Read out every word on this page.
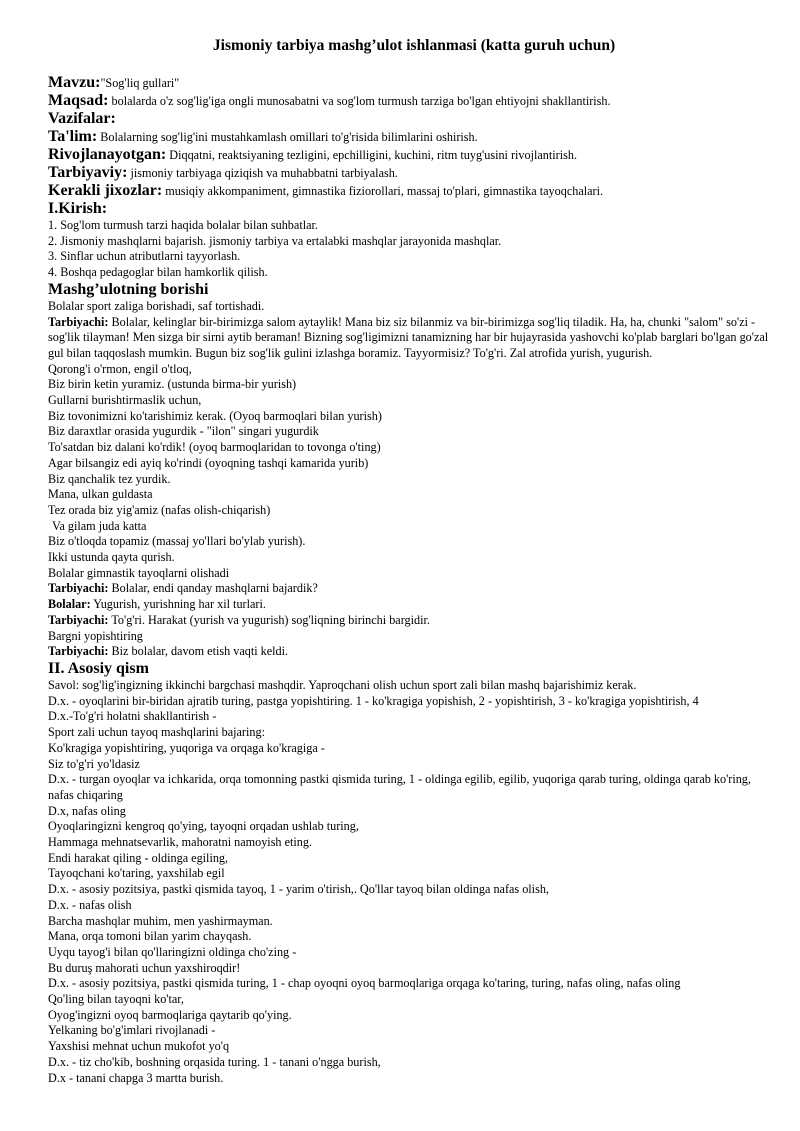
Jismoniy tarbiya mashg’ulot ishlanmasi (katta guruh uchun)
Mavzu:"Sog'liq gullari"
Maqsad: bolalarda o'z sog'lig'iga ongli munosabatni va sog'lom turmush tarziga bo'lgan ehtiyojni shakllantirish.
Vazifalar:
Ta'lim: Bolalarning sog'lig'ini mustahkamlash omillari to'g'risida bilimlarini oshirish.
Rivojlanayotgan: Diqqatni, reaktsiyaning tezligini, epchilligini, kuchini, ritm tuyg'usini rivojlantirish.
Tarbiyaviy: jismoniy tarbiyaga qiziqish va muhabbatni tarbiyalash.
Kerakli jixozlar: musiqiy akkompaniment, gimnastika fiziorollari, massaj to'plari, gimnastika tayoqchalari.
I.Kirish:
1. Sog'lom turmush tarzi haqida bolalar bilan suhbatlar.
2. Jismoniy mashqlarni bajarish. jismoniy tarbiya va ertalabki mashqlar jarayonida mashqlar.
3. Sinflar uchun atributlarni tayyorlash.
4. Boshqa pedagoglar bilan hamkorlik qilish.
Mashg’ulotning borishi
Bolalar sport zaliga borishadi, saf tortishadi.
Tarbiyachi: Bolalar, kelinglar bir-birimizga salom aytaylik! Mana biz siz bilanmiz va bir-birimizga sog'liq tiladik. Ha, ha, chunki "salom" so'zi - sog'lik tilayman! Men sizga bir sirni aytib beraman! Bizning sog'ligimizni tanamizning har bir hujayrasida yashovchi ko'plab barglari bo'lgan go'zal gul bilan taqqoslash mumkin. Bugun biz sog'lik gulini izlashga boramiz. Tayyormisiz? To'g'ri. Zal atrofida yurish, yugurish.
Qorong'i o'rmon, engil o'tloq,
Biz birin ketin yuramiz. (ustunda birma-bir yurish)
Gullarni burishtirmaslik uchun,
Biz tovonimizni ko'tarishimiz kerak. (Oyoq barmoqlari bilan yurish)
Biz daraxtlar orasida yugurdik - "ilon" singari yugurdik
To'satdan biz dalani ko'rdik! (oyoq barmoqlaridan to tovonga o'ting)
Agar bilsangiz edi ayiq ko'rindi (oyoqning tashqi kamarida yurib)
Biz qanchalik tez yurdik.
Mana, ulkan guldasta
Tez orada biz yig'amiz (nafas olish-chiqarish)
Va gilam juda katta
Biz o'tloqda topamiz (massaj yo'llari bo'ylab yurish).
Ikki ustunda qayta qurish.
Bolalar gimnastik tayoqlarni olishadi
Tarbiyachi: Bolalar, endi qanday mashqlarni bajardik?
Bolalar: Yugurish, yurishning har xil turlari.
Tarbiyachi: To'g'ri. Harakat (yurish va yugurish) sog'liqning birinchi bargidir.
Bargni yopishtiring
Tarbiyachi: Biz bolalar, davom etish vaqti keldi.
II. Asosiy qism
Savol: sog'lig'ingizning ikkinchi bargchasi mashqdir. Yaproqchani olish uchun sport zali bilan mashq bajarishimiz kerak.
D.x. - oyoqlarini bir-biridan ajratib turing, pastga yopishtiring. 1 - ko'kragiga yopishish, 2 - yopishtirish, 3 - ko'kragiga yopishtirish, 4
D.x.-To'g'ri holatni shakllantirish -
Sport zali uchun tayoq mashqlarini bajaring:
Ko'kragiga yopishtiring, yuqoriga va orqaga ko'kragiga -
Siz to'g'ri yo'ldasiz
D.x. - turgan oyoqlar va ichkarida, orqa tomonning pastki qismida turing, 1 - oldinga egilib, egilib, yuqoriga qarab turing, oldinga qarab ko'ring, nafas chiqaring
D.x, nafas oling
Oyoqlaringizni kengroq qo'ying, tayoqni orqadan ushlab turing,
Hammaga mehnatsevarlik, mahoratni namoyish eting.
Endi harakat qiling - oldinga egiling,
Tayoqchani ko'taring, yaxshilab egil
D.x. - asosiy pozitsiya, pastki qismida tayoq, 1 - yarim o'tirish,. Qo'llar tayoq bilan oldinga nafas olish,
D.x. - nafas olish
Barcha mashqlar muhim, men yashirmayman.
Mana, orqa tomoni bilan yarim chayqash.
Uyqu tayog'i bilan qo'llaringizni oldinga cho'zing -
Bu duruş mahorati uchun yaxshiroqdir!
D.x. - asosiy pozitsiya, pastki qismida turing, 1 - chap oyoqni oyoq barmoqlariga orqaga ko'taring, turing, nafas oling, nafas oling
Qo'ling bilan tayoqni ko'tar,
Oyog'ingizni oyoq barmoqlariga qaytarib qo'ying.
Yelkaning bo'g'imlari rivojlanadi -
Yaxshisi mehnat uchun mukofot yo'q
D.x. - tiz cho'kib, boshning orqasida turing. 1 - tanani o'ngga burish,
D.x - tanani chapga 3 martta burish.
